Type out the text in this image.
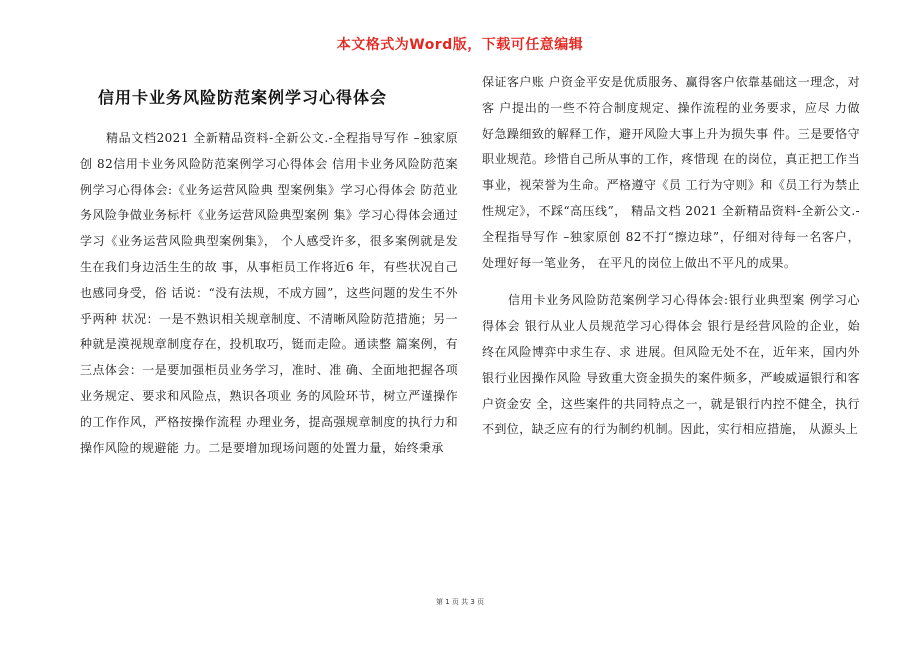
本文格式为Word版，下载可任意编辑
信用卡业务风险防范案例学习心得体会

精品文档2021 全新精品资料-全新公文.-全程指导写作 –独家原创 82信用卡业务风险防范案例学习心得体会 信用卡业务风险防范案例学习心得体会:《业务运营风险典 型案例集》学习心得体会 防范业务风险争做业务标杆《业务运营风险典型案例 集》学习心得体会通过学习《业务运营风险典型案例集》， 个人感受许多，很多案例就是发生在我们身边活生生的故 事，从事柜员工作将近6 年，有些状况自己也感同身受，俗 话说：“没有法规，不成方圆”，这些问题的发生不外乎两种 状况：一是不熟识相关规章制度、不清晰风险防范措施；另一种就是漠视规章制度存在，投机取巧，铤而走险。通读整 篇案例，有三点体会：一是要加强柜员业务学习，准时、准 确、全面地把握各项业务规定、要求和风险点，熟识各项业 务的风险环节，树立严谨操作的工作作风，严格按操作流程 办理业务，提高强规章制度的执行力和操作风险的规避能 力。二是要增加现场问题的处置力量，始终秉承

保证客户账 户资金平安是优质服务、赢得客户依靠基础这一理念，对客 户提出的一些不符合制度规定、操作流程的业务要求，应尽 力做好急躁细致的解释工作，避开风险大事上升为损失事 件。三是要恪守职业规范。珍惜自己所从事的工作，疼惜现 在的岗位，真正把工作当事业，视荣誉为生命。严格遵守《员 工行为守则》和《员工行为禁止性规定》，不踩“高压线”， 精品文档 2021 全新精品资料-全新公文.-全程指导写作 –独家原创 82不打“擦边球”，仔细对待每一名客户，处理好每一笔业务， 在平凡的岗位上做出不平凡的成果。

信用卡业务风险防范案例学习心得体会:银行业典型案 例学习心得体会 银行从业人员规范学习心得体会 银行是经营风险的企业，始终在风险博弈中求生存、求 进展。但风险无处不在，近年来，国内外银行业因操作风险 导致重大资金损失的案件频多，严峻威逼银行和客户资金安 全，这些案件的共同特点之一，就是银行内控不健全，执行不到位，缺乏应有的行为制约机制。因此，实行相应措施， 从源头上

第 1 页 共 3 页
